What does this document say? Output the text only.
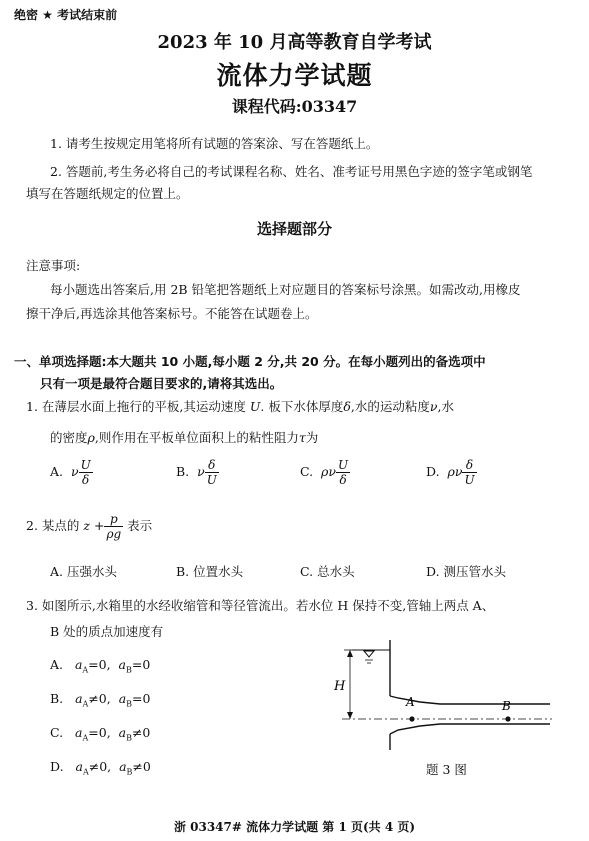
绝密 ★ 考试结束前
2023 年 10 月高等教育自学考试
流体力学试题
课程代码:03347
1. 请考生按规定用笔将所有试题的答案涂、写在答题纸上。
2. 答题前,考生务必将自己的考试课程名称、姓名、准考证号用黑色字迹的签字笔或钢笔
填写在答题纸规定的位置上。
选择题部分
注意事项:
每小题选出答案后,用 2B 铅笔把答题纸上对应题目的答案标号涂黑。如需改动,用橡皮
擦干净后,再选涂其他答案标号。不能答在试题卷上。
一、单项选择题:本大题共 10 小题,每小题 2 分,共 20 分。在每小题列出的备选项中
只有一项是最符合题目要求的,请将其选出。
1. 在薄层水面上拖行的平板,其运动速度 U. 板下水体厚度δ,水的运动粘度ν,水
的密度ρ,则作用在平板单位面积上的粘性阻力τ为
A. ν $\frac{U}{\delta}$	B. ν $\frac{\delta}{U}$	C. ρν $\frac{U}{\delta}$	D. ρν $\frac{\delta}{U}$
2. 某点的 $z + \frac{p}{\rho g}$ 表示
A. 压强水头	B. 位置水头	C. 总水头	D. 测压管水头
3. 如图所示,水箱里的水经收缩管和等径管流出。若水位 H 保持不变,管轴上两点 A、
B 处的质点加速度有
A. $a_A=0$,  $a_B=0$
B. $a_A\ne 0$,  $a_B=0$
C. $a_A=0$,  $a_B\ne 0$
D. $a_A\ne 0$,  $a_B\ne 0$
H
A	B
题 3 图
浙 03347# 流体力学试题 第 1 页(共 4 页)
